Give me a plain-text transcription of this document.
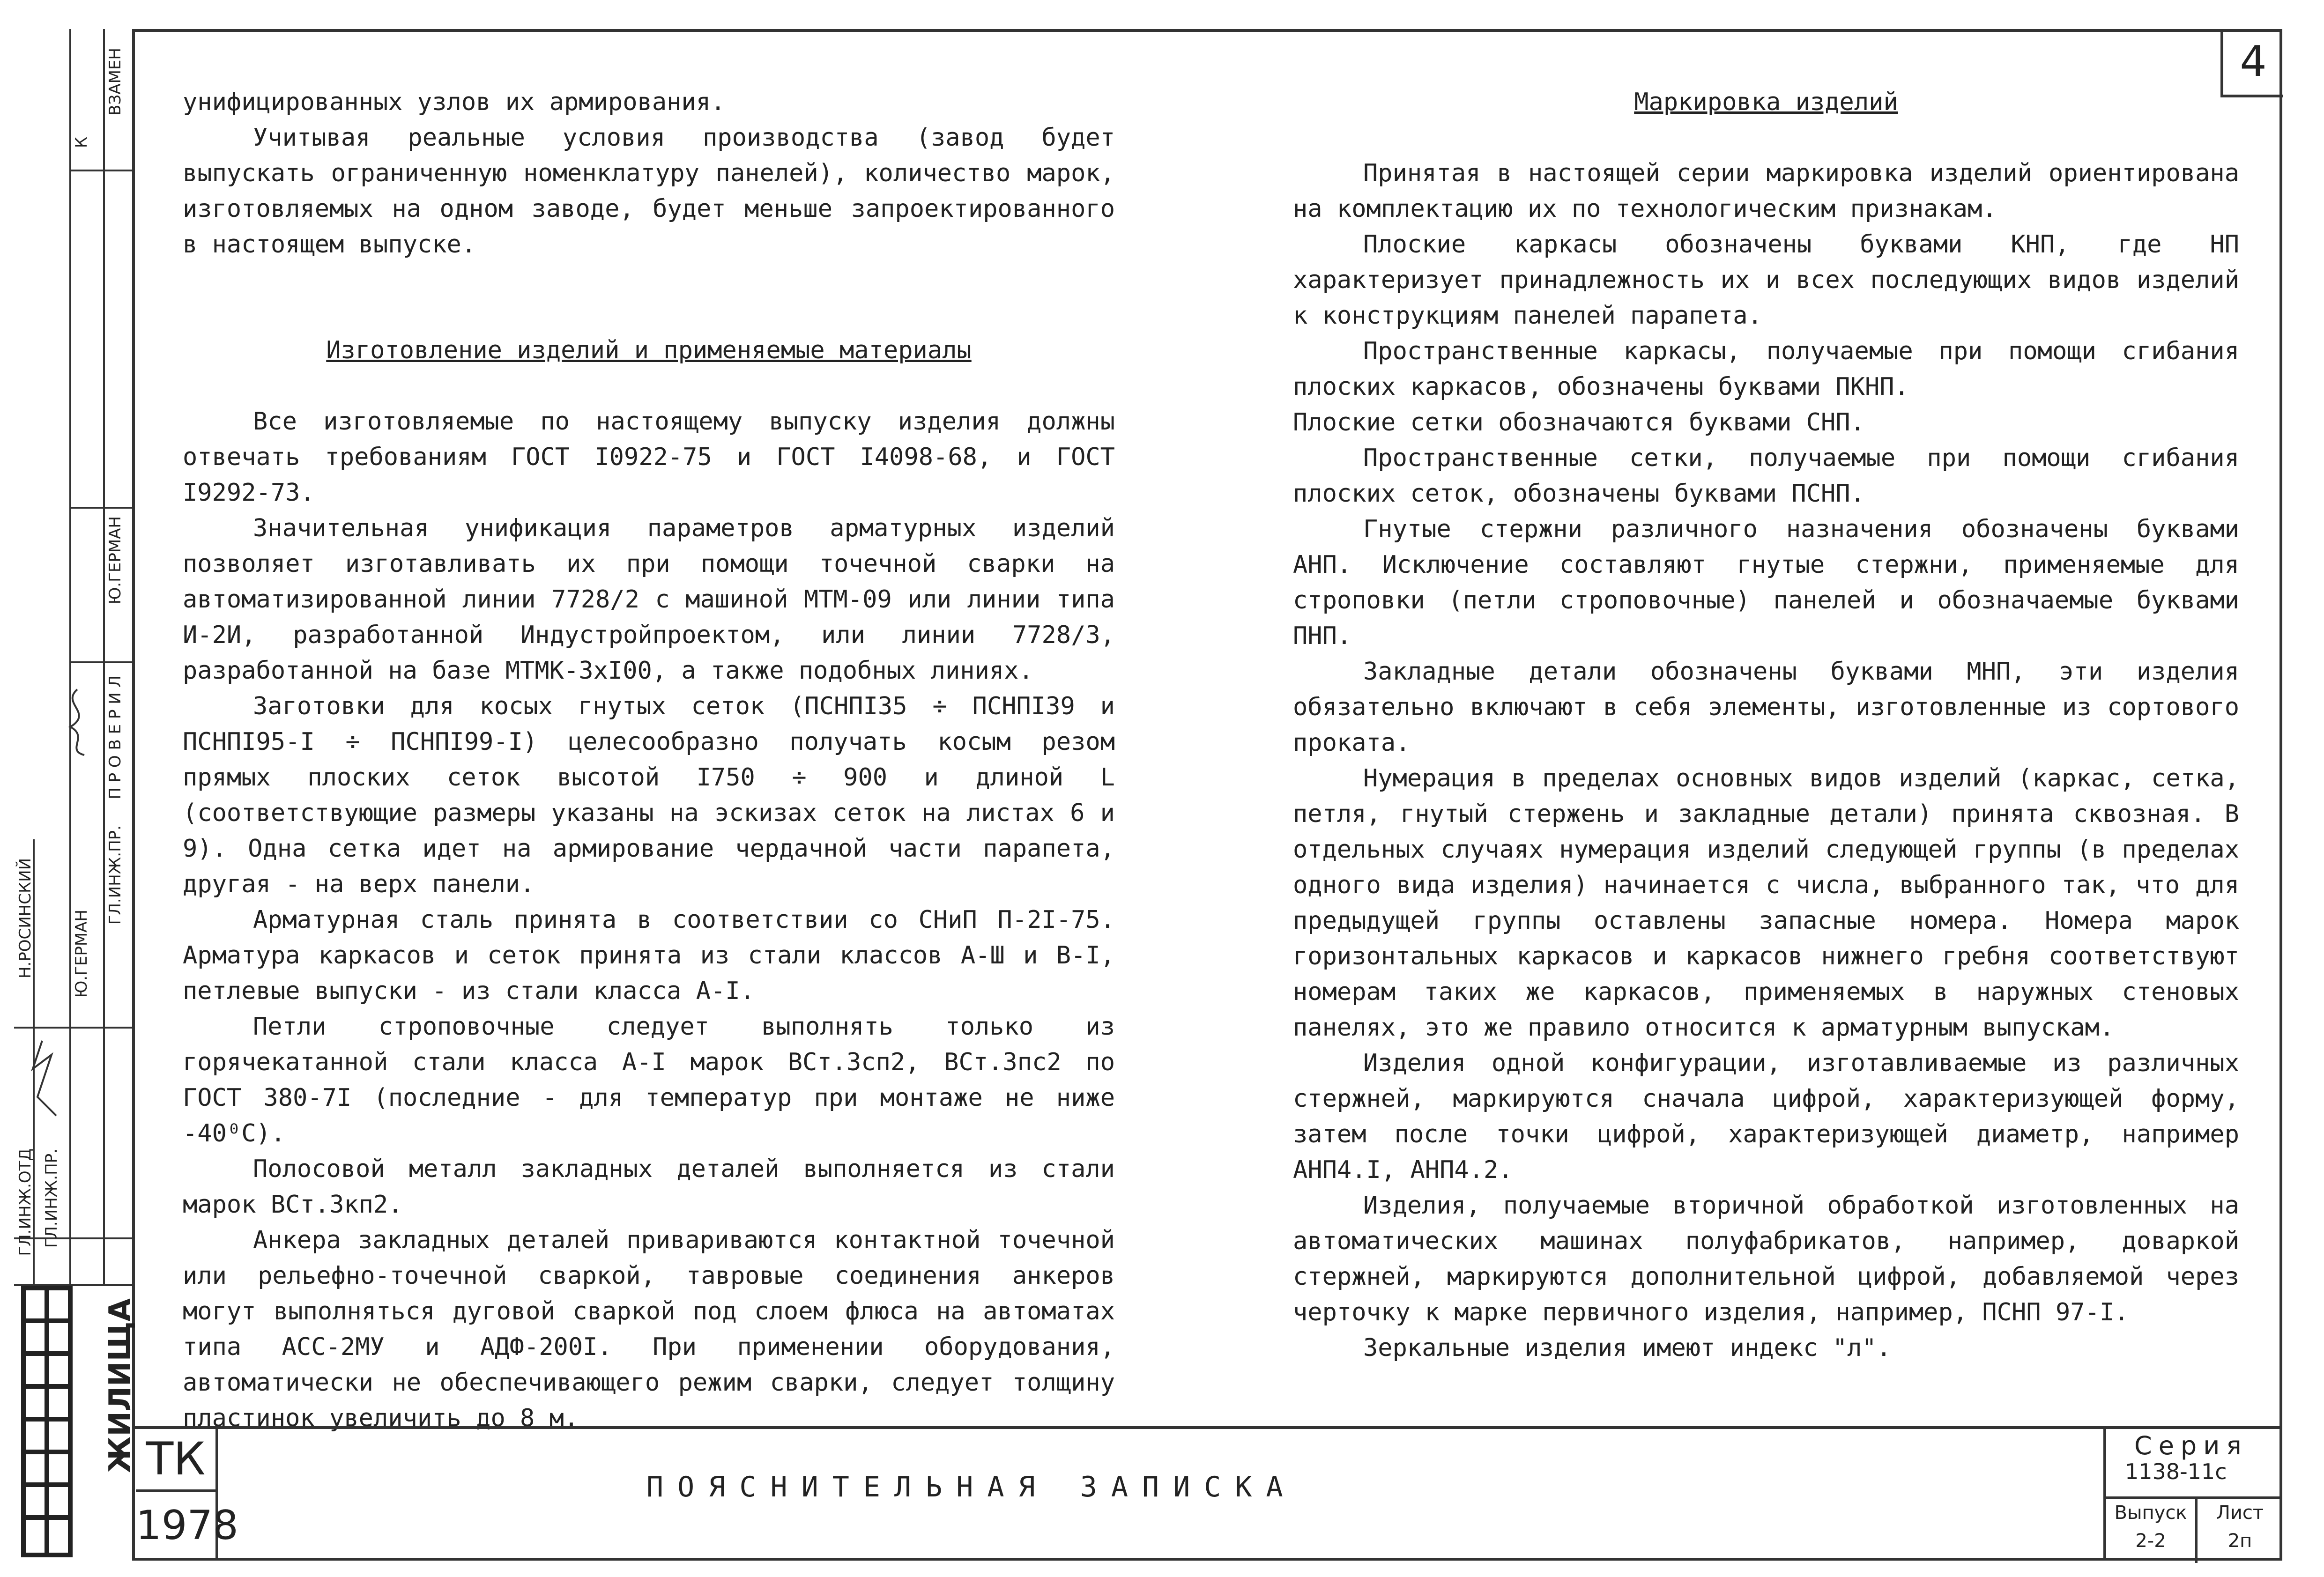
4

унифицированных узлов их армирования.

Учитывая реальные условия производства (завод будет выпускать ограниченную номенклатуру панелей), количество марок, изготовляемых на одном заводе, будет меньше запроектированного в настоящем выпуске.

Изготовление изделий и применяемые материалы

Все изготовляемые по настоящему выпуску изделия должны отвечать требованиям ГОСТ I0922-75 и ГОСТ I4098-68, и ГОСТ I9292-73.

Значительная унификация параметров арматурных изделий позволяет изготавливать их при помощи точечной сварки на автоматизированной линии 7728/2 с машиной МТМ-09 или линии типа И-2И, разработанной Индустройпроектом, или линии 7728/3, разработанной на базе МТМК-3хI00, а также подобных линиях.

Заготовки для косых гнутых сеток (ПСНПI35 ÷ ПСНПI39 и ПСНПI95-I ÷ ПСНПI99-I) целесообразно получать косым резом прямых плоских сеток высотой I750 ÷ 900 и длиной L (соответствующие размеры указаны на эскизах сеток на листах 6 и 9). Одна сетка идет на армирование чердачной части парапета, другая - на верх панели.

Арматурная сталь принята в соответствии со СНиП П-2I-75. Арматура каркасов и сеток принята из стали классов А-Ш и В-I, петлевые выпуски - из стали класса А-I.

Петли строповочные следует выполнять только из горячекатанной стали класса А-I марок ВСт.3сп2, ВСт.3пс2 по ГОСТ 380-7I (последние - для температур при монтаже не ниже -40⁰С).

Полосовой металл закладных деталей выполняется из стали марок ВСт.3кп2.

Анкера закладных деталей привариваются контактной точечной или рельефно-точечной сваркой, тавровые соединения анкеров могут выполняться дуговой сваркой под слоем флюса на автоматах типа АСС-2МУ и АДФ-200I. При применении оборудования, автоматически не обеспечивающего режим сварки, следует толщину пластинок увеличить до 8 м.

Маркировка изделий

Принятая в настоящей серии маркировка изделий ориентирована на комплектацию их по технологическим признакам.

Плоские каркасы обозначены буквами КНП, где НП характеризует принадлежность их и всех последующих видов изделий к конструкциям панелей парапета.

Пространственные каркасы, получаемые при помощи сгибания плоских каркасов, обозначены буквами ПКНП.

Плоские сетки обозначаются буквами СНП.

Пространственные сетки, получаемые при помощи сгибания плоских сеток, обозначены буквами ПСНП.

Гнутые стержни различного назначения обозначены буквами АНП. Исключение составляют гнутые стержни, применяемые для строповки (петли строповочные) панелей и обозначаемые буквами ПНП.

Закладные детали обозначены буквами МНП, эти изделия обязательно включают в себя элементы, изготовленные из сортового проката.

Нумерация в пределах основных видов изделий (каркас, сетка, петля, гнутый стержень и закладные детали) принята сквозная. В отдельных случаях нумерация изделий следующей группы (в пределах одного вида изделия) начинается с числа, выбранного так, что для предыдущей группы оставлены запасные номера. Номера марок горизонтальных каркасов и каркасов нижнего гребня соответствуют номерам таких же каркасов, применяемых в наружных стеновых панелях, это же правило относится к арматурным выпускам.

Изделия одной конфигурации, изготавливаемые из различных стержней, маркируются сначала цифрой, характеризующей форму, затем после точки цифрой, характеризующей диаметр, например АНП4.I, АНП4.2.

Изделия, получаемые вторичной обработкой изготовленных на автоматических машинах полуфабрикатов, например, доваркой стержней, маркируются дополнительной цифрой, добавляемой через черточку к марке первичного изделия, например, ПСНП 97-I.

Зеркальные изделия имеют индекс "л".

ТК
1978
ПОЯСНИТЕЛЬНАЯ ЗАПИСКА
Серия
1138-11с
Выпуск
2-2
Лист
2п
ВЗАМЕН
К
П Р О В Е Р И Л
Ю.ГЕРМАН
ГЛ.ИНЖ.ПР.
Н.РОСИНСКИЙ Ю.ГЕРМАН
ГЛ.ИНЖ.ОТД ГЛ.ИНЖ.ПР.
ЖИЛИЩА
